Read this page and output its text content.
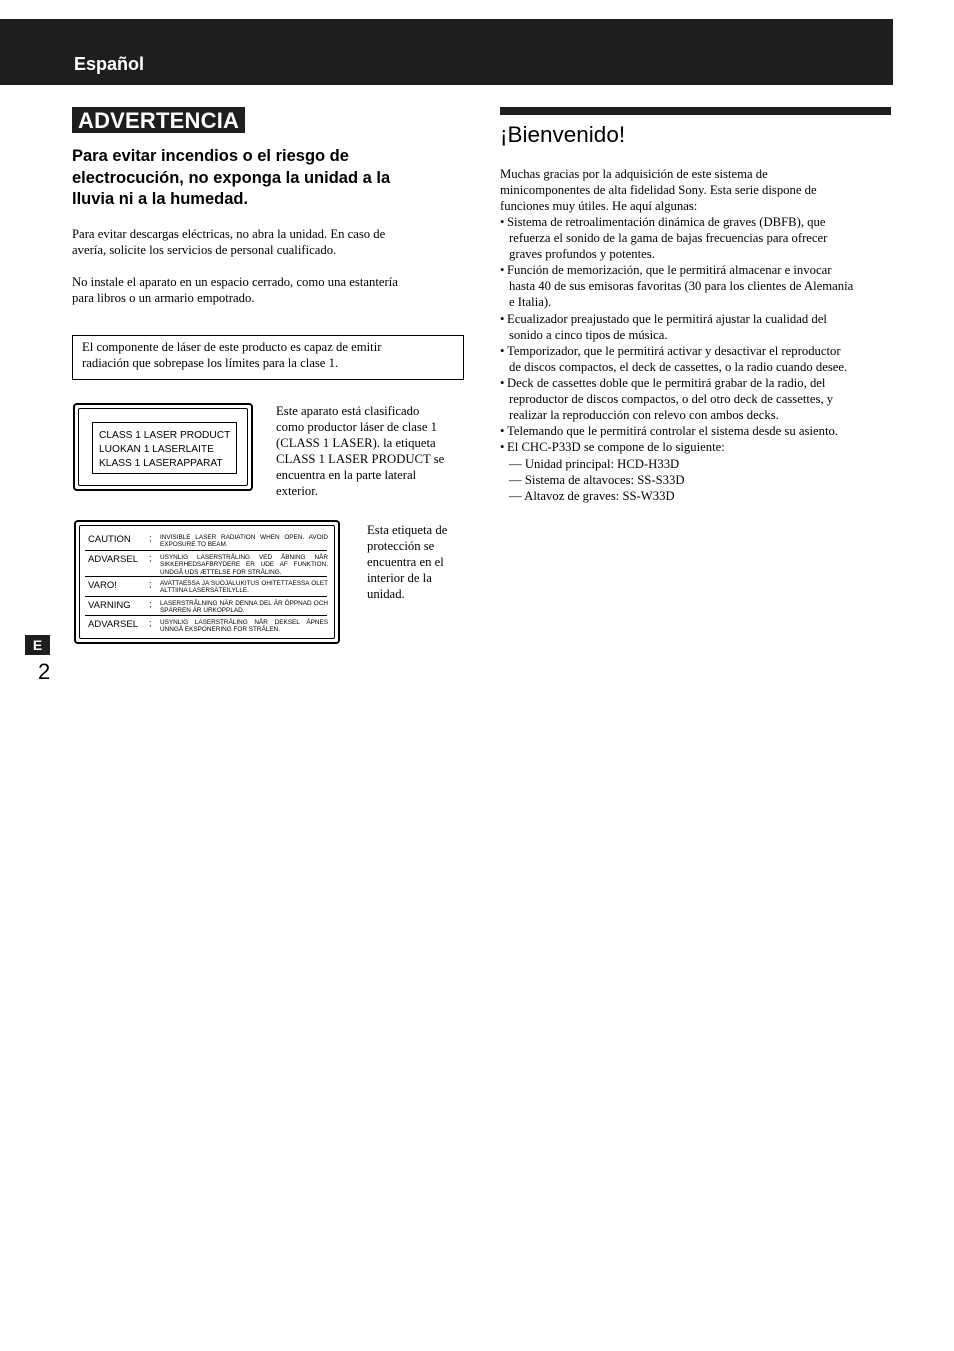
Español
ADVERTENCIA
Para evitar incendios o el riesgo de
electrocución, no exponga la unidad a la
lluvia ni a la humedad.
Para evitar descargas eléctricas, no abra la unidad. En caso de
avería, solicite los servicios de personal cualificado.
No instale el aparato en un espacio cerrado, como una estantería
para libros o un armario empotrado.
El componente de láser de este producto es capaz de emitir
radiación que sobrepase los límites para la clase 1.
CLASS 1 LASER PRODUCT
LUOKAN 1 LASERLAITE
KLASS 1 LASERAPPARAT
Este aparato está clasificado
como productor láser de clase 1
(CLASS 1 LASER). la etiqueta
CLASS 1 LASER PRODUCT se
encuentra en la parte lateral
exterior.
CAUTION ; INVISIBLE LASER RADIATION WHEN OPEN. AVOID EXPOSURE TO BEAM.
ADVARSEL ; USYNLIG LASERSTRÅLING VED ÅBNING NÅR SIKKERHEDSAFBRYDERE ER UDE AF FUNKTION. UNDGÅ UDS ÆTTELSE FOR STRÅLING.
VARO!	; AVATTAESSA JA SUOJALUKITUS OHITETTAESSA OLET ALTTIINA LASERSÄTEILYLLE.
VARNING ; LASERSTRÅLNING NÄR DENNA DEL ÄR ÖPPNAD OCH SPÄRREN ÄR URKOPPLAD.
ADVARSEL ; USYNLIG LASERSTRÅLING NÅR DEKSEL ÅPNES UNNGÅ EKSPONERING FOR STRÅLEN.
Esta etiqueta de
protección se
encuentra en el
interior de la
unidad.
¡Bienvenido!
Muchas gracias por la adquisición de este sistema de
minicomponentes de alta fidelidad Sony. Esta serie dispone de
funciones muy útiles. He aquí algunas:
• Sistema de retroalimentación dinámica de graves (DBFB), que
refuerza el sonido de la gama de bajas frecuencias para ofrecer
graves profundos y potentes.
• Función de memorización, que le permitirá almacenar e invocar
hasta 40 de sus emisoras favoritas (30 para los clientes de Alemania
e Italia).
• Ecualizador preajustado que le permitirá ajustar la cualidad del
sonido a cinco tipos de música.
• Temporizador, que le permitirá activar y desactivar el reproductor
de discos compactos, el deck de cassettes, o la radio cuando desee.
• Deck de cassettes doble que le permitirá grabar de la radio, del
reproductor de discos compactos, o del otro deck de cassettes, y
realizar la reproducción con relevo con ambos decks.
• Telemando que le permitirá controlar el sistema desde su asiento.
• El CHC-P33D se compone de lo siguiente:
— Unidad principal: HCD-H33D
— Sistema de altavoces: SS-S33D
— Altavoz de graves: SS-W33D
E
2
